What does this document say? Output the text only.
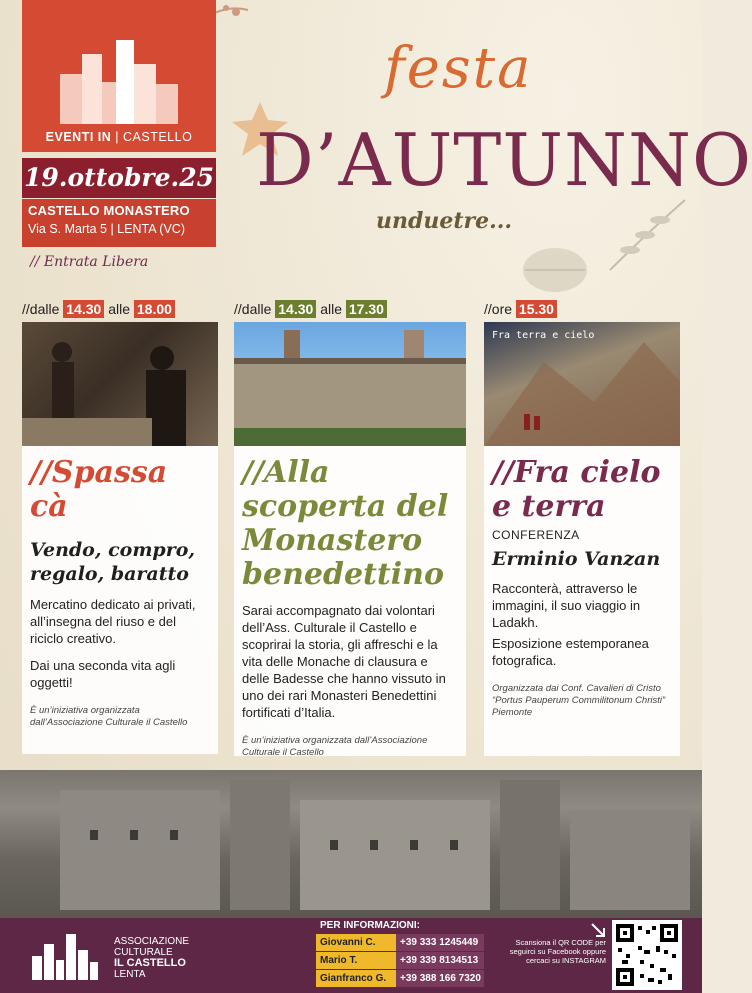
EVENTI IN | CASTELLO
19.ottobre.25
CASTELLO MONASTERO
Via S. Marta 5 | LENTA (VC)
// Entrata Libera
festa
D’AUTUNNO
unduetre...
//dalle 14.30 alle 18.00
//Spassa cà
Vendo, compro, regalo, baratto
Mercatino dedicato ai privati, all’insegna del riuso e del riciclo creativo.
Dai una seconda vita agli oggetti!
È un’iniziativa organizzata dall’Associazione Culturale il Castello
//dalle 14.30 alle 17.30
//Alla scoperta del Monastero benedettino
Sarai accompagnato dai volontari dell’Ass. Culturale il Castello e scoprirai la storia, gli affreschi e la vita delle Monache di clausura e delle Badesse che hanno vissuto in uno dei rari Monasteri Benedettini fortificati d’Italia.
È un’iniziativa organizzata dall’Associazione Culturale il Castello
//ore 15.30
Fra terra e cielo
//Fra cielo e terra
CONFERENZA
Erminio Vanzan
Racconterà, attraverso le immagini, il suo viaggio in Ladakh.
Esposizione estemporanea fotografica.
Organizzata dai Conf. Cavalieri di Cristo “Portus Pauperum Commilitonum Christi” Piemonte
ASSOCIAZIONE
CULTURALE
IL CASTELLO
LENTA
PER INFORMAZIONI:
Giovanni C.	+39 333 1245449
Mario T.	+39 339 8134513
Gianfranco G.	+39 388 166 7320
Scansiona il QR CODE per seguirci su Facebook oppure cercaci su INSTAGRAM
